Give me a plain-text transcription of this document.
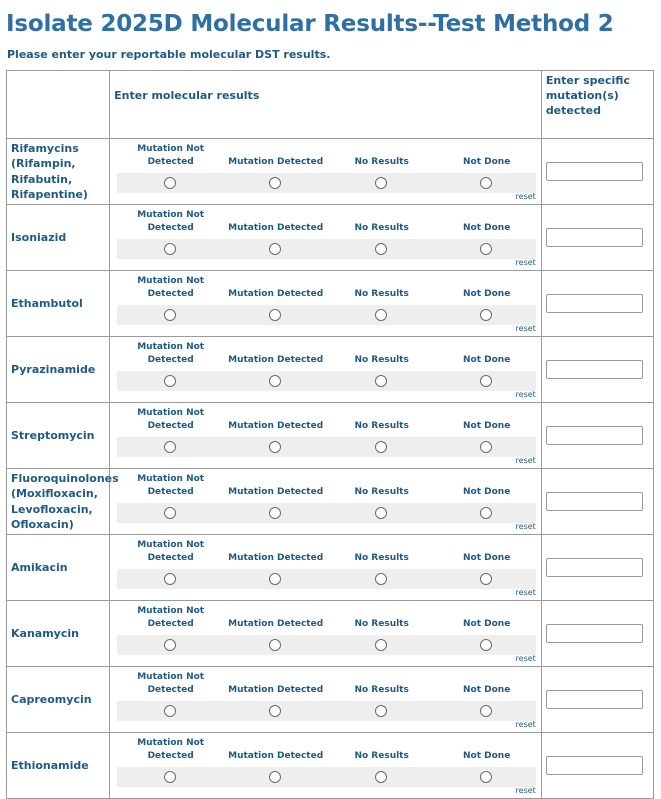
Isolate 2025D Molecular Results--Test Method 2
Please enter your reportable molecular DST results.
	Enter molecular results	Enter specific mutation(s) detected
Rifamycins (Rifampin, Rifabutin, Rifapentine)	Mutation Not Detected Mutation Detected No Results Not Done
reset

Isoniazid	Mutation Not Detected Mutation Detected No Results Not Done
reset

Ethambutol	Mutation Not Detected Mutation Detected No Results Not Done
reset

Pyrazinamide	Mutation Not Detected Mutation Detected No Results Not Done
reset

Streptomycin	Mutation Not Detected Mutation Detected No Results Not Done
reset

Fluoroquinolones (Moxifloxacin, Levofloxacin, Ofloxacin)	Mutation Not Detected Mutation Detected No Results Not Done
reset

Amikacin	Mutation Not Detected Mutation Detected No Results Not Done
reset

Kanamycin	Mutation Not Detected Mutation Detected No Results Not Done
reset

Capreomycin	Mutation Not Detected Mutation Detected No Results Not Done
reset

Ethionamide	Mutation Not Detected Mutation Detected No Results Not Done
reset
